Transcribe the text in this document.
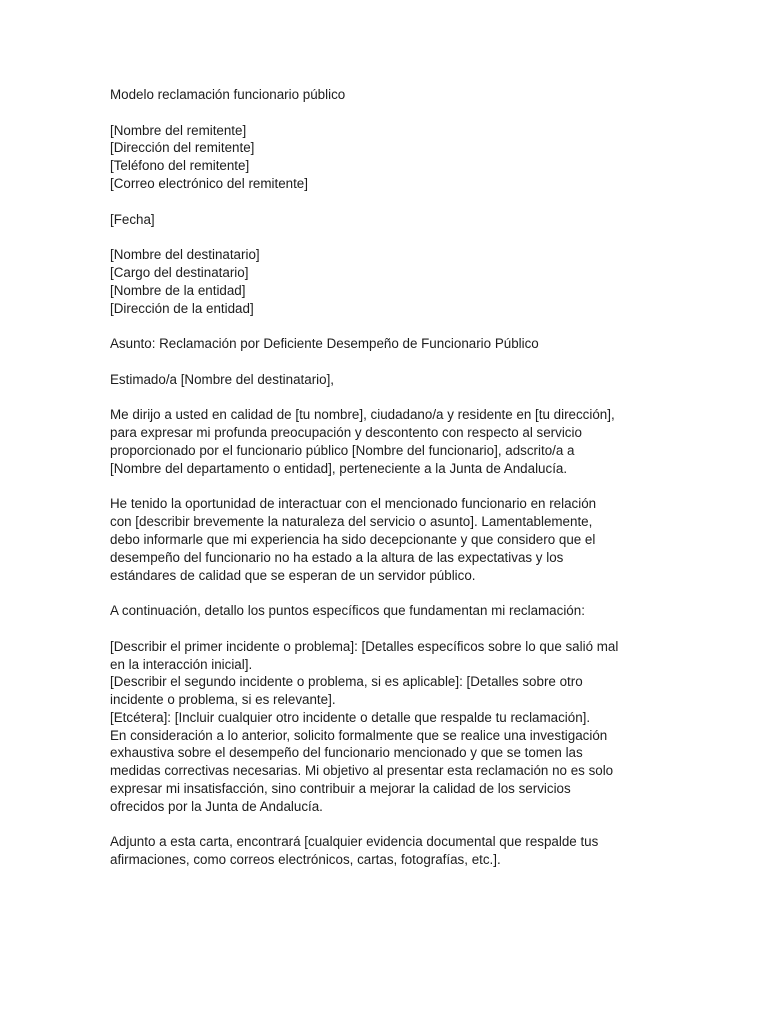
Modelo reclamación funcionario público
[Nombre del remitente]
[Dirección del remitente]
[Teléfono del remitente]
[Correo electrónico del remitente]
[Fecha]
[Nombre del destinatario]
[Cargo del destinatario]
[Nombre de la entidad]
[Dirección de la entidad]
Asunto: Reclamación por Deficiente Desempeño de Funcionario Público
Estimado/a [Nombre del destinatario],
Me dirijo a usted en calidad de [tu nombre], ciudadano/a y residente en [tu dirección],
para expresar mi profunda preocupación y descontento con respecto al servicio
proporcionado por el funcionario público [Nombre del funcionario], adscrito/a a
[Nombre del departamento o entidad], perteneciente a la Junta de Andalucía.
He tenido la oportunidad de interactuar con el mencionado funcionario en relación
con [describir brevemente la naturaleza del servicio o asunto]. Lamentablemente,
debo informarle que mi experiencia ha sido decepcionante y que considero que el
desempeño del funcionario no ha estado a la altura de las expectativas y los
estándares de calidad que se esperan de un servidor público.
A continuación, detallo los puntos específicos que fundamentan mi reclamación:
[Describir el primer incidente o problema]: [Detalles específicos sobre lo que salió mal
en la interacción inicial].
[Describir el segundo incidente o problema, si es aplicable]: [Detalles sobre otro
incidente o problema, si es relevante].
[Etcétera]: [Incluir cualquier otro incidente o detalle que respalde tu reclamación].
En consideración a lo anterior, solicito formalmente que se realice una investigación
exhaustiva sobre el desempeño del funcionario mencionado y que se tomen las
medidas correctivas necesarias. Mi objetivo al presentar esta reclamación no es solo
expresar mi insatisfacción, sino contribuir a mejorar la calidad de los servicios
ofrecidos por la Junta de Andalucía.
Adjunto a esta carta, encontrará [cualquier evidencia documental que respalde tus
afirmaciones, como correos electrónicos, cartas, fotografías, etc.].
